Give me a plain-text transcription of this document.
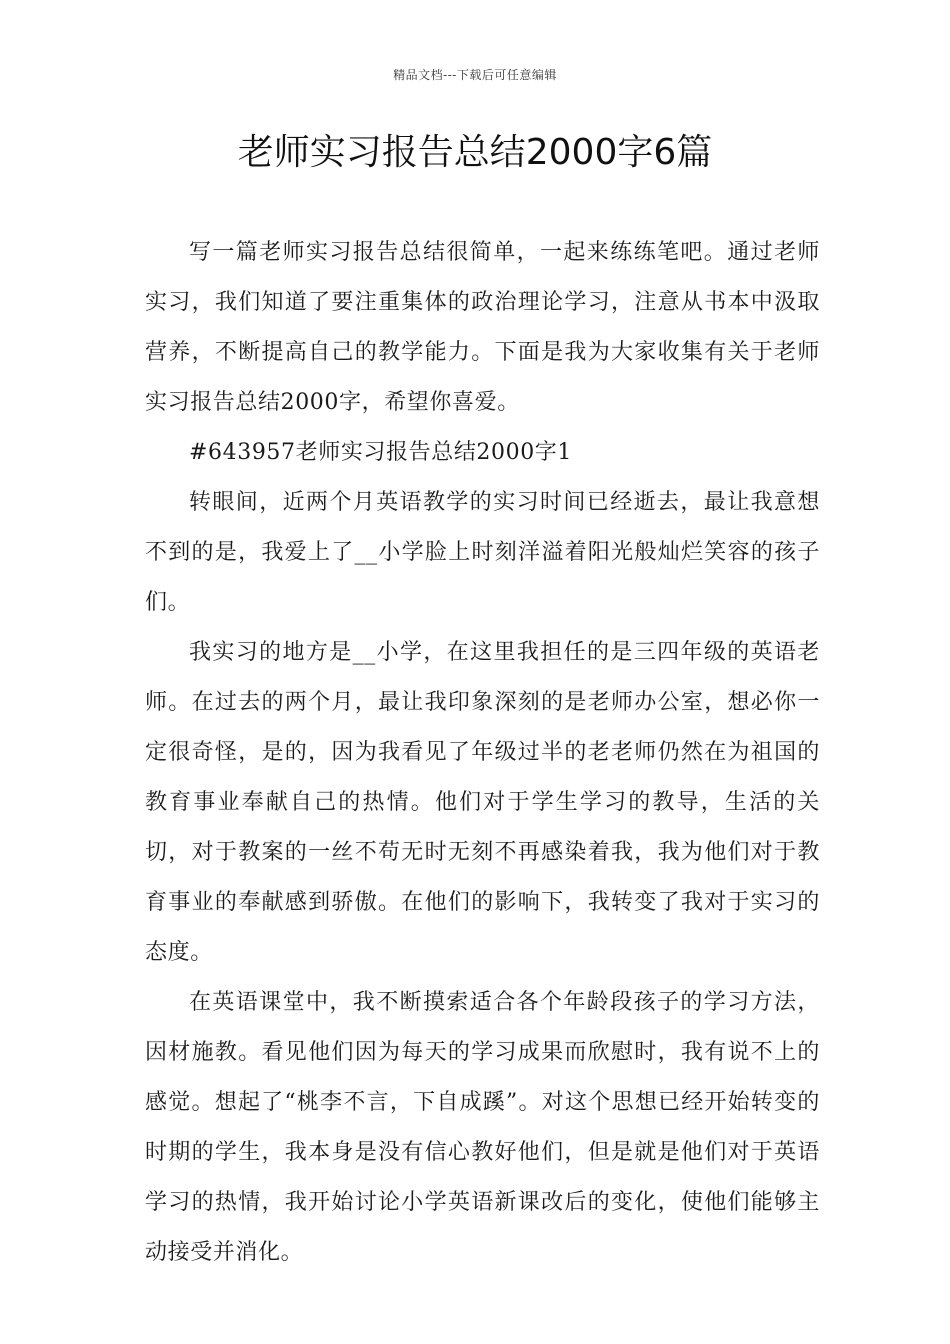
精品文档---下载后可任意编辑
老师实习报告总结2000字6篇

写一篇老师实习报告总结很简单，一起来练练笔吧。通过老师实习，我们知道了要注重集体的政治理论学习，注意从书本中汲取营养，不断提高自己的教学能力。下面是我为大家收集有关于老师实习报告总结2000字，希望你喜爱。

#643957老师实习报告总结2000字1

转眼间，近两个月英语教学的实习时间已经逝去，最让我意想不到的是，我爱上了__小学脸上时刻洋溢着阳光般灿烂笑容的孩子们。

我实习的地方是__小学，在这里我担任的是三四年级的英语老师。在过去的两个月，最让我印象深刻的是老师办公室，想必你一定很奇怪，是的，因为我看见了年级过半的老老师仍然在为祖国的教育事业奉献自己的热情。他们对于学生学习的教导，生活的关切，对于教案的一丝不苟无时无刻不再感染着我，我为他们对于教育事业的奉献感到骄傲。在他们的影响下，我转变了我对于实习的态度。

在英语课堂中，我不断摸索适合各个年龄段孩子的学习方法，因材施教。看见他们因为每天的学习成果而欣慰时，我有说不上的感觉。想起了“桃李不言，下自成蹊”。对这个思想已经开始转变的时期的学生，我本身是没有信心教好他们，但是就是他们对于英语学习的热情，我开始讨论小学英语新课改后的变化，使他们能够主动接受并消化。
